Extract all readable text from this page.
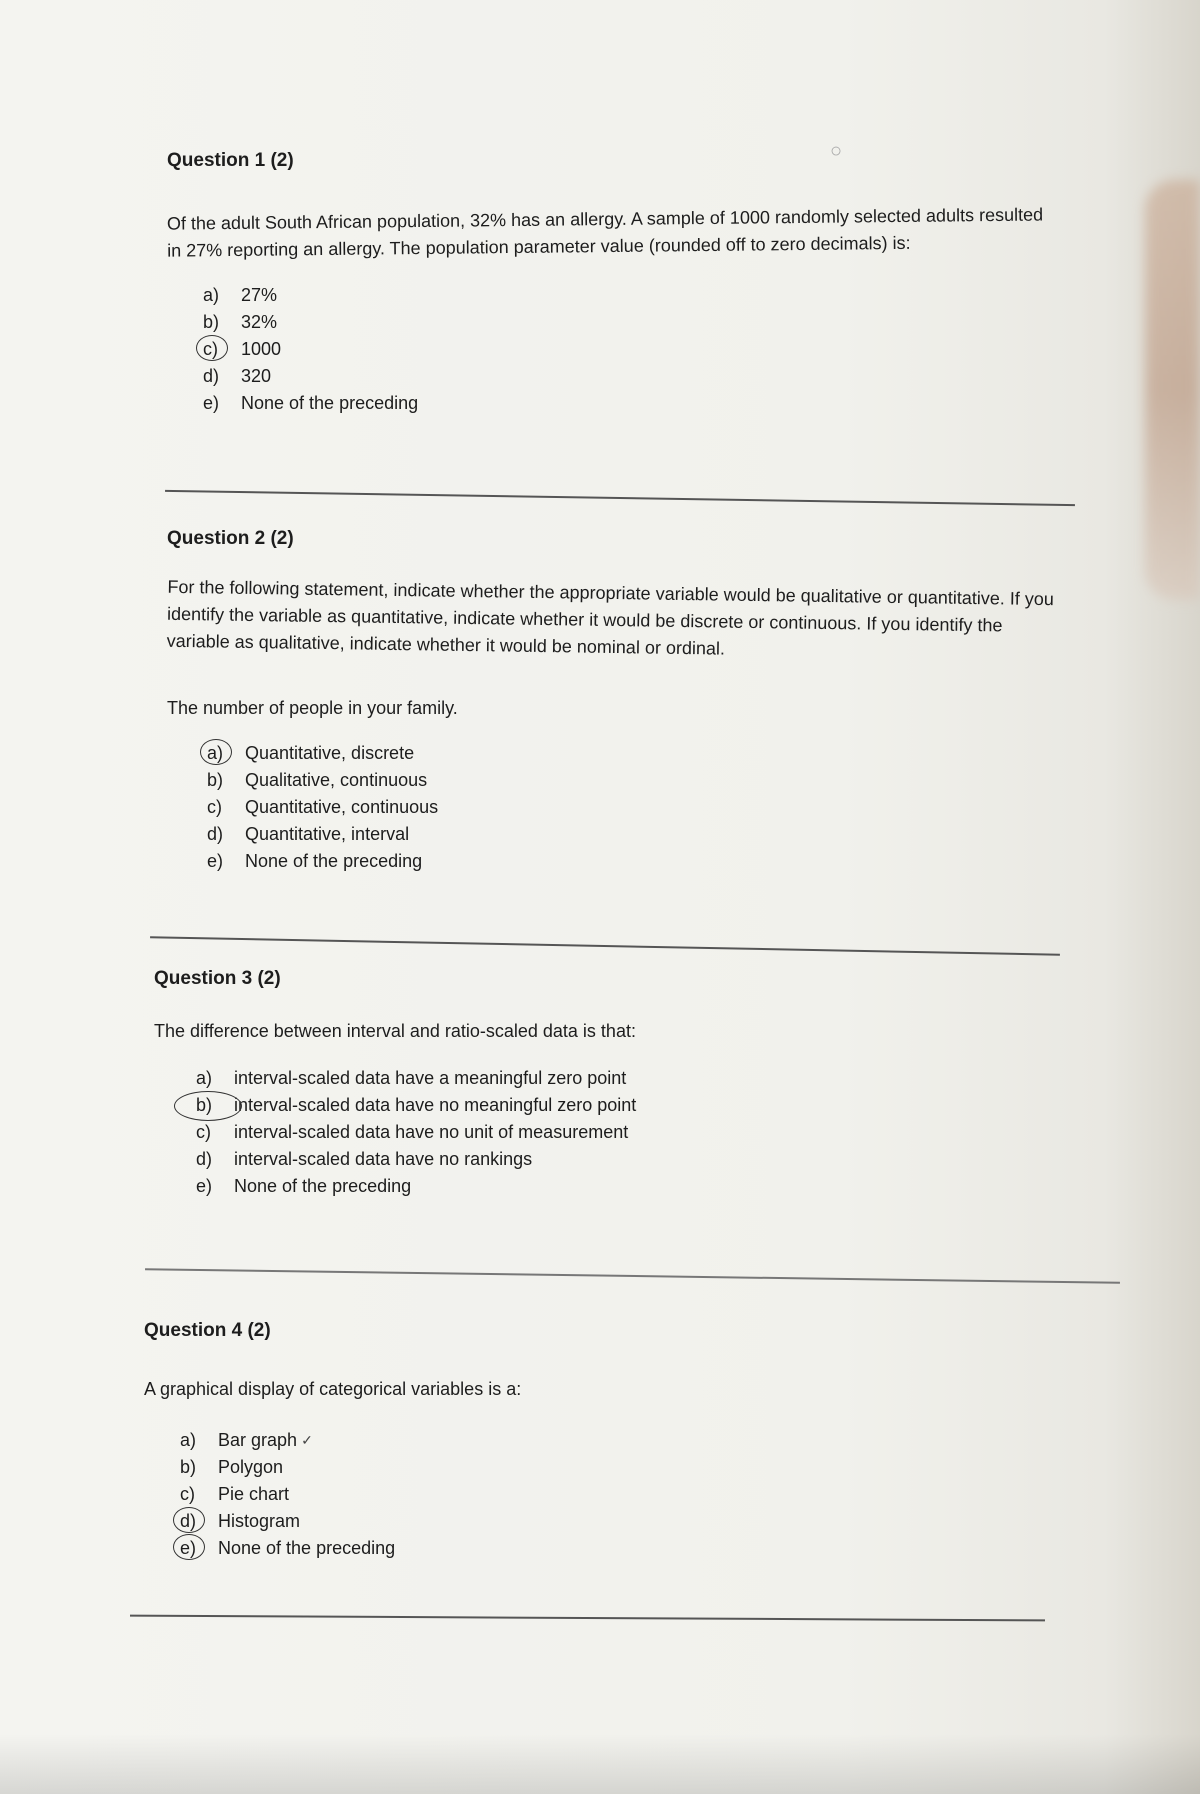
Question 1 (2)

Of the adult South African population, 32% has an allergy. A sample of 1000 randomly selected adults resulted in 27% reporting an allergy. The population parameter value (rounded off to zero decimals) is:

a)	27%
b)	32%
c)	1000
d)	320
e)	None of the preceding

Question 2 (2)

For the following statement, indicate whether the appropriate variable would be qualitative or quantitative. If you identify the variable as quantitative, indicate whether it would be discrete or continuous. If you identify the variable as qualitative, indicate whether it would be nominal or ordinal.

The number of people in your family.

a)	Quantitative, discrete
b)	Qualitative, continuous
c)	Quantitative, continuous
d)	Quantitative, interval
e)	None of the preceding

Question 3 (2)

The difference between interval and ratio-scaled data is that:

a)	interval-scaled data have a meaningful zero point
b)	interval-scaled data have no meaningful zero point
c)	interval-scaled data have no unit of measurement
d)	interval-scaled data have no rankings
e)	None of the preceding

Question 4 (2)

A graphical display of categorical variables is a:

a)	Bar graph ✓
b)	Polygon
c)	Pie chart
d)	Histogram
e)	None of the preceding
○
